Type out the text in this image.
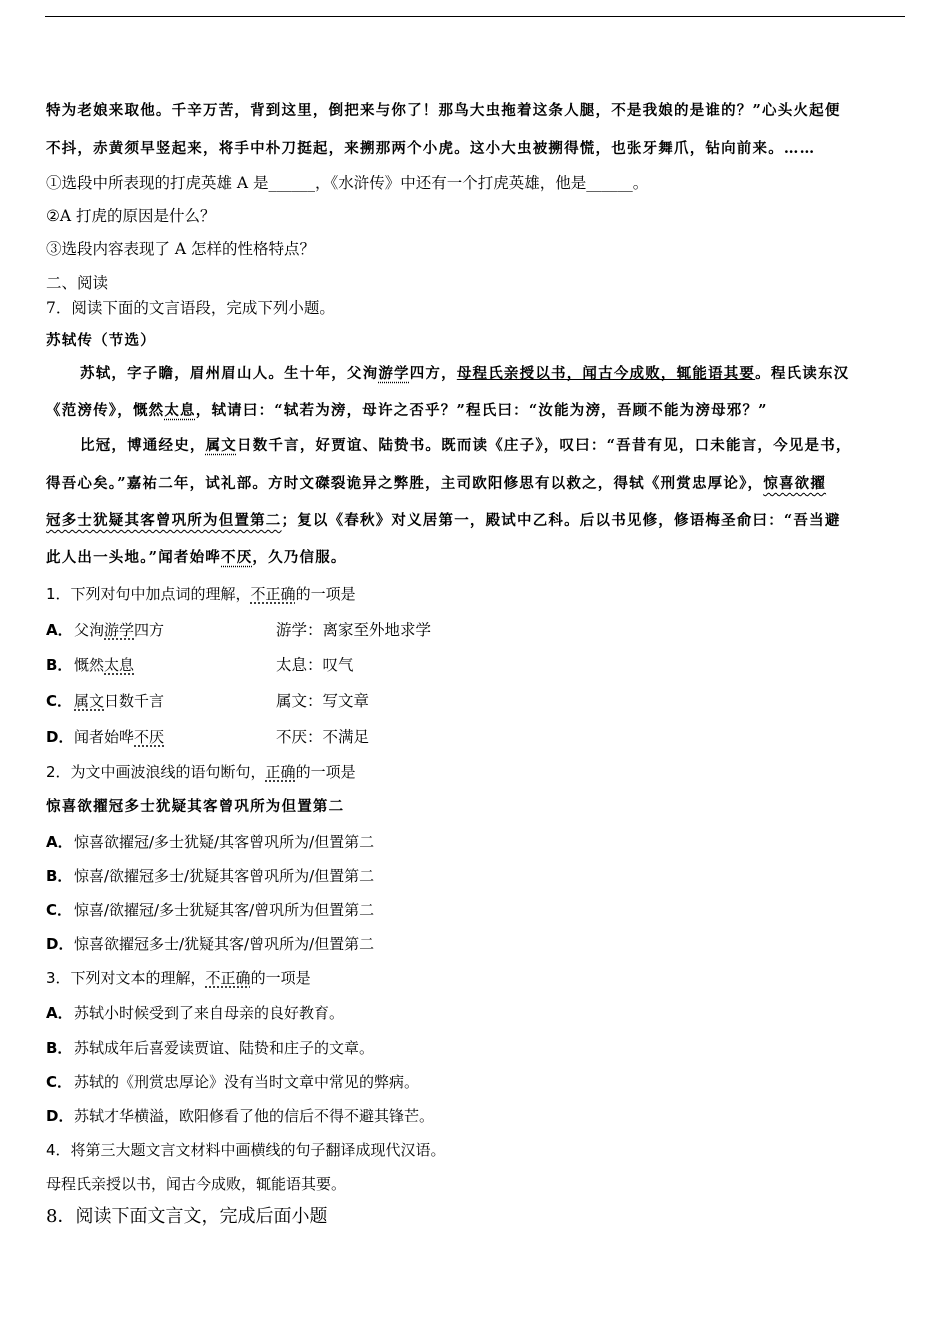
特为老娘来取他。千辛万苦，背到这里，倒把来与你了！那鸟大虫拖着这条人腿，不是我娘的是谁的？”心头火起便
不抖，赤黄须早竖起来，将手中朴刀挺起，来搠那两个小虎。这小大虫被搠得慌，也张牙舞爪，钻向前来。……
①选段中所表现的打虎英雄 A 是______，《水浒传》中还有一个打虎英雄，他是______。
②A 打虎的原因是什么？
③选段内容表现了 A 怎样的性格特点？
二、阅读
7．阅读下面的文言语段，完成下列小题。
苏轼传（节选）
苏轼，字子瞻，眉州眉山人。生十年，父洵游学四方，母程氏亲授以书，闻古今成败，辄能语其要。程氏读东汉
《范滂传》，慨然太息，轼请曰：“轼若为滂，母许之否乎？”程氏曰：“汝能为滂，吾顾不能为滂母邪？”
比冠，博通经史，属文日数千言，好贾谊、陆贽书。既而读《庄子》，叹曰：“吾昔有见，口未能言，今见是书，
得吾心矣。”嘉祐二年，试礼部。方时文磔裂诡异之弊胜，主司欧阳修思有以救之，得轼《刑赏忠厚论》，惊喜欲擢
冠多士犹疑其客曾巩所为但置第二；复以《春秋》对义居第一，殿试中乙科。后以书见修，修语梅圣俞曰：“吾当避
此人出一头地。”闻者始哗不厌，久乃信服。
1．下列对句中加点词的理解，不正确的一项是
A．父洵游学四方	游学：离家至外地求学
B． 慨然太息	太息：叹气
C． 属文日数千言	属文：写文章
D．闻者始哗不厌	不厌：不满足
2．为文中画波浪线的语句断句，正确的一项是
惊喜欲擢冠多士犹疑其客曾巩所为但置第二
A．惊喜欲擢冠/多士犹疑/其客曾巩所为/但置第二
B． 惊喜/欲擢冠多士/犹疑其客曾巩所为/但置第二
C． 惊喜/欲擢冠/多士犹疑其客/曾巩所为但置第二
D．惊喜欲擢冠多士/犹疑其客/曾巩所为/但置第二
3．下列对文本的理解，不正确的一项是
A．苏轼小时候受到了来自母亲的良好教育。
B． 苏轼成年后喜爱读贾谊、陆贽和庄子的文章。
C． 苏轼的《刑赏忠厚论》没有当时文章中常见的弊病。
D．苏轼才华横溢，欧阳修看了他的信后不得不避其锋芒。
4．将第三大题文言文材料中画横线的句子翻译成现代汉语。
母程氏亲授以书，闻古今成败，辄能语其要。
8．阅读下面文言文，完成后面小题
